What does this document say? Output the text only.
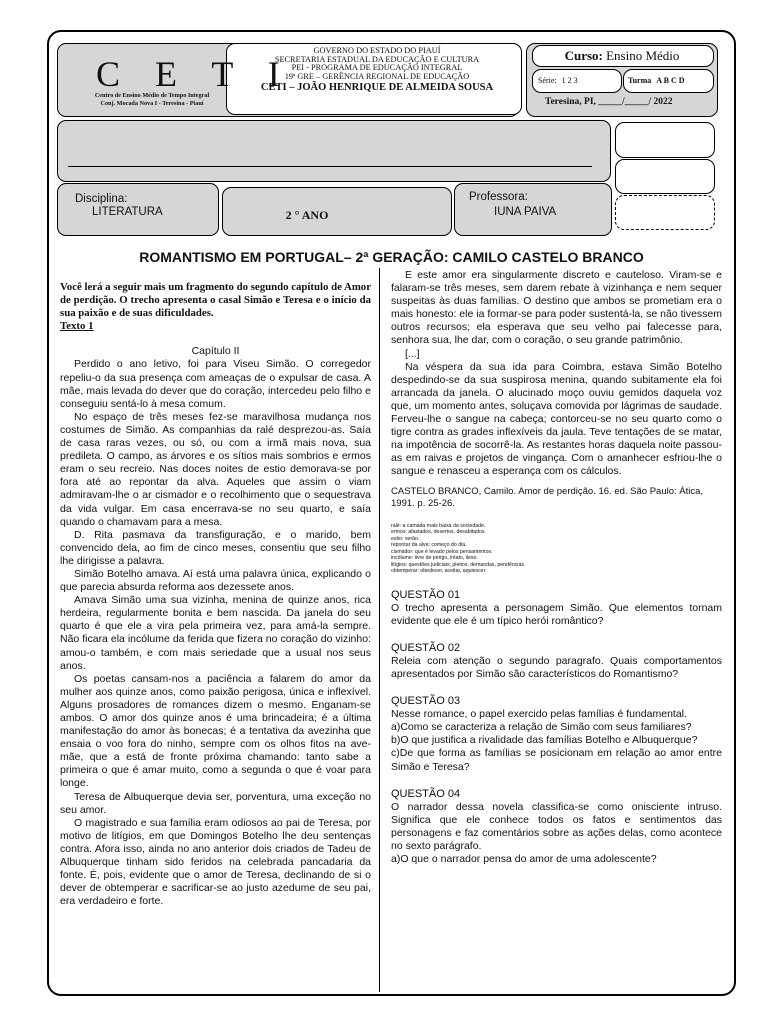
C E T I
Centro de Ensino Médio de Tempo Integral
Conj. Mocada Nova I - Teresina - Piauí
GOVERNO DO ESTADO DO PIAUÍ
SECRETARIA ESTADUAL DA EDUCAÇÃO E CULTURA
PEI - PROGRAMA DE EDUCAÇÃO INTEGRAL
19ª GRE – GERÊNCIA REGIONAL DE EDUCAÇÃO
CETI – JOÃO HENRIQUE DE ALMEIDA SOUSA
Curso: Ensino Médio
Série: 1 2 3	Turma A B C D
Teresina, PI, _____/_____/ 2022
Disciplina:
LITERATURA	2 ° ANO
Professora:
IUNA PAIVA
ROMANTISMO EM PORTUGAL– 2ª GERAÇÃO: CAMILO CASTELO BRANCO

Você lerá a seguir mais um fragmento do segundo capítulo de Amor de perdição. O trecho apresenta o casal Simão e Teresa e o início da sua paixão e de suas dificuldades.

Texto 1

Capítulo II

Perdido o ano letivo, foi para Viseu Simão. O corregedor repeliu-o da sua presença com ameaças de o expulsar de casa. A mãe, mais levada do dever que do coração, intercedeu pelo filho e conseguiu sentá-lo à mesa comum.

No espaço de três meses fez-se maravilhosa mudança nos costumes de Simão. As companhias da ralé desprezou-as. Saía de casa raras vezes, ou só, ou com a irmã mais nova, sua predileta. O campo, as árvores e os sítios mais sombrios e ermos eram o seu recreio. Nas doces noites de estio demorava-se por fora até ao repontar da alva. Aqueles que assim o viam admiravam-lhe o ar cismador e o recolhimento que o sequestrava da vida vulgar. Em casa encerrava-se no seu quarto, e saía quando o chamavam para a mesa.

D. Rita pasmava da transfiguração, e o marido, bem convencido dela, ao fim de cinco meses, consentiu que seu filho lhe dirigisse a palavra.

Simão Botelho amava. Aí está uma palavra única, explicando o que parecia absurda reforma aos dezessete anos.

Amava Simão uma sua vizinha, menina de quinze anos, rica herdeira, regularmente bonita e bem nascida. Da janela do seu quarto é que ele a vira pela primeira vez, para amá-la sempre. Não ficara ela incólume da ferida que fizera no coração do vizinho: amou-o também, e com mais seriedade que a usual nos seus anos.

Os poetas cansam-nos a paciência a falarem do amor da mulher aos quinze anos, como paixão perigosa, única e inflexível. Alguns prosadores de romances dizem o mesmo. Enganam-se ambos. O amor dos quinze anos é uma brincadeira; é a última manifestação do amor às bonecas; é a tentativa da avezinha que ensaia o voo fora do ninho, sempre com os olhos fitos na ave-mãe, que a está de fronte próxima chamando: tanto sabe a primeira o que é amar muito, como a segunda o que é voar para longe.

Teresa de Albuquerque devia ser, porventura, uma exceção no seu amor.

O magistrado e sua família eram odiosos ao pai de Teresa, por motivo de litígios, em que Domingos Botelho lhe deu sentenças contra. Afora isso, ainda no ano anterior dois criados de Tadeu de Albuquerque tinham sido feridos na celebrada pancadaria da fonte. É, pois, evidente que o amor de Teresa, declinando de si o dever de obtemperar e sacrificar-se ao justo azedume de seu pai, era verdadeiro e forte.

E este amor era singularmente discreto e cauteloso. Viram-se e falaram-se três meses, sem darem rebate à vizinhança e nem sequer suspeitas às duas famílias. O destino que ambos se prometiam era o mais honesto: ele ia formar-se para poder sustentá-la, se não tivessem outros recursos; ela esperava que seu velho pai falecesse para, senhora sua, lhe dar, com o coração, o seu grande patrimônio.

[...]

Na véspera da sua ida para Coimbra, estava Simão Botelho despedindo-se da sua suspirosa menina, quando subitamente ela foi arrancada da janela. O alucinado moço ouviu gemidos daquela voz que, um momento antes, soluçava comovida por lágrimas de saudade. Ferveu-lhe o sangue na cabeça; contorceu-se no seu quarto como o tigre contra as grades inflexíveis da jaula. Teve tentações de se matar, na impotência de socorrê-la. As restantes horas daquela noite passou-as em raivas e projetos de vingança. Com o amanhecer esfriou-lhe o sangue e renasceu a esperança com os cálculos.

CASTELO BRANCO, Camilo. Amor de perdição. 16. ed. São Paulo: Ática, 1991. p. 25-26.

ralé: a camada mais baixa da sociedade.
ermos: afastados, desertos, desabitados.
estio: verão.
repontar da alva: começo do dia.
cismador: que é levado pelos pensamentos.
incólume: livre de perigo, intato, ileso.
litígios: questões judiciais; pleitos, demandas, pendências.
obtemperar: obedecer, aceitar, aquiescer.
QUESTÃO 01
O trecho apresenta a personagem Simão. Que elementos tornam evidente que ele é um típico herói romântico?
QUESTÃO 02
Releia com atenção o segundo paragrafo. Quais comportamentos apresentados por Simão são característicos do Romantismo?
QUESTÃO 03
Nesse romance, o papel exercido pelas famílias é fundamental.
a)Como se caracteriza a relação de Simão com seus familiares?
b)O que justifica a rivalidade das famílias Botelho e Albuquerque?
c)De que forma as famílias se posicionam em relação ao amor entre Simão e Teresa?
QUESTÃO 04
O narrador dessa novela classifica-se como onisciente intruso. Significa que ele conhece todos os fatos e sentimentos das personagens e faz comentários sobre as ações delas, como acontece no sexto parágrafo.
a)O que o narrador pensa do amor de uma adolescente?
